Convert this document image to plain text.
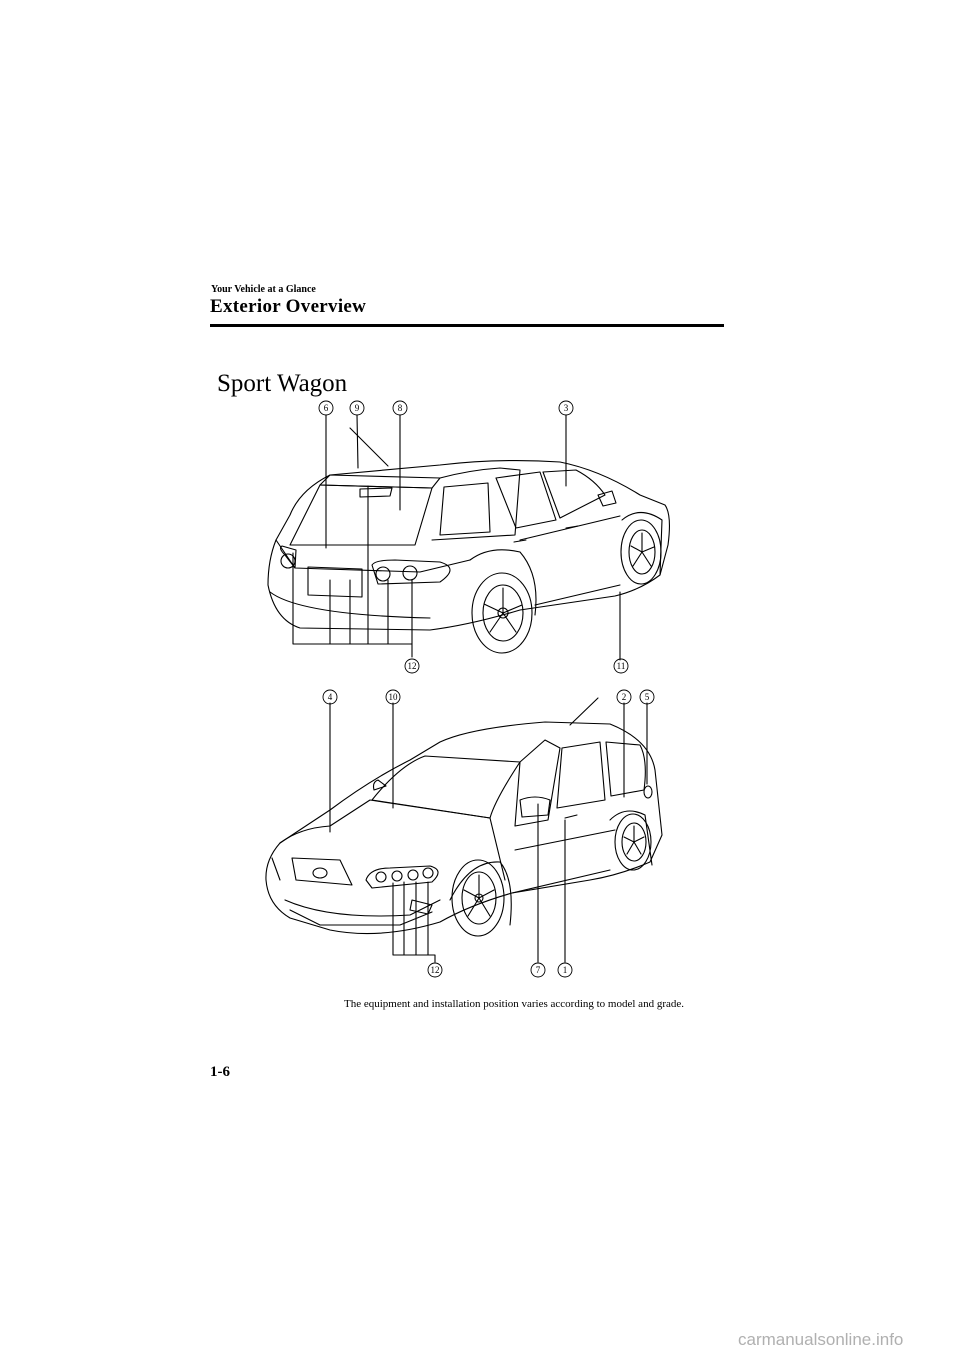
Your Vehicle at a Glance
Exterior Overview
Sport Wagon
6	9	8	3
12	11
4	10	2 5
12	7	1
The equipment and installation position varies according to model and grade.
1-6
carmanualsonline.info
